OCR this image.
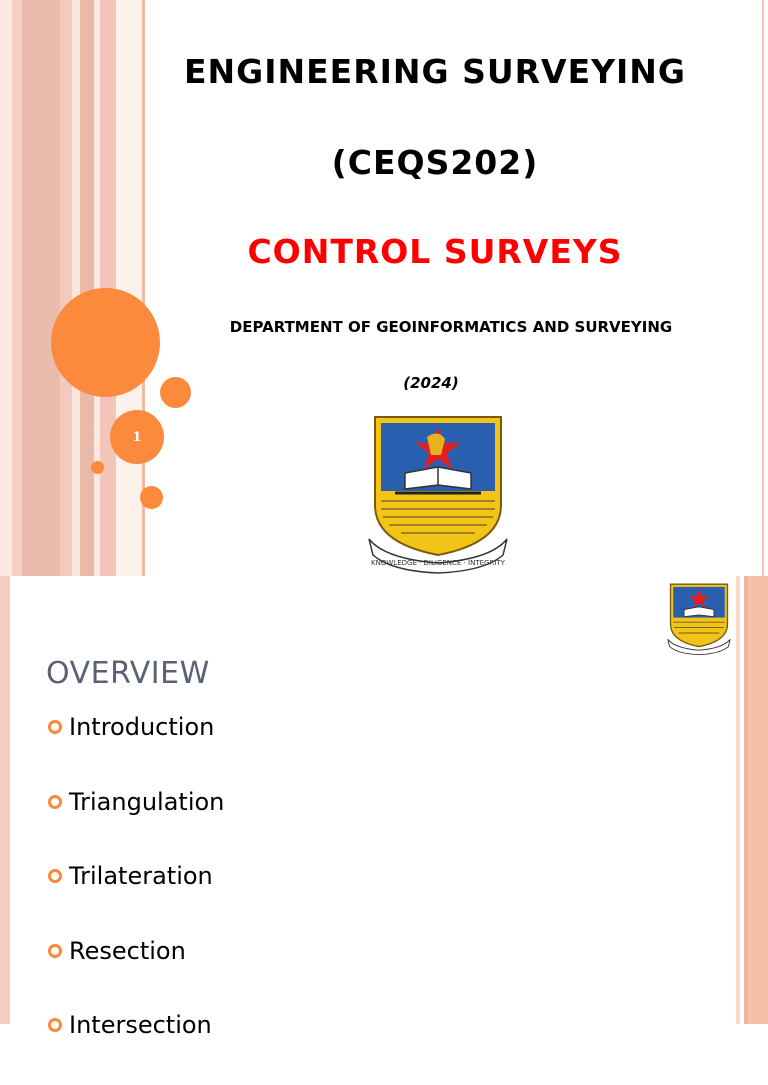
1
ENGINEERING SURVEYING
(CEQS202)
CONTROL SURVEYS

DEPARTMENT OF GEOINFORMATICS AND SURVEYING

(2024)

KNOWLEDGE · DILIGENCE · INTEGRITY
OVERVIEW
Introduction
Triangulation
Trilateration
Resection
Intersection
